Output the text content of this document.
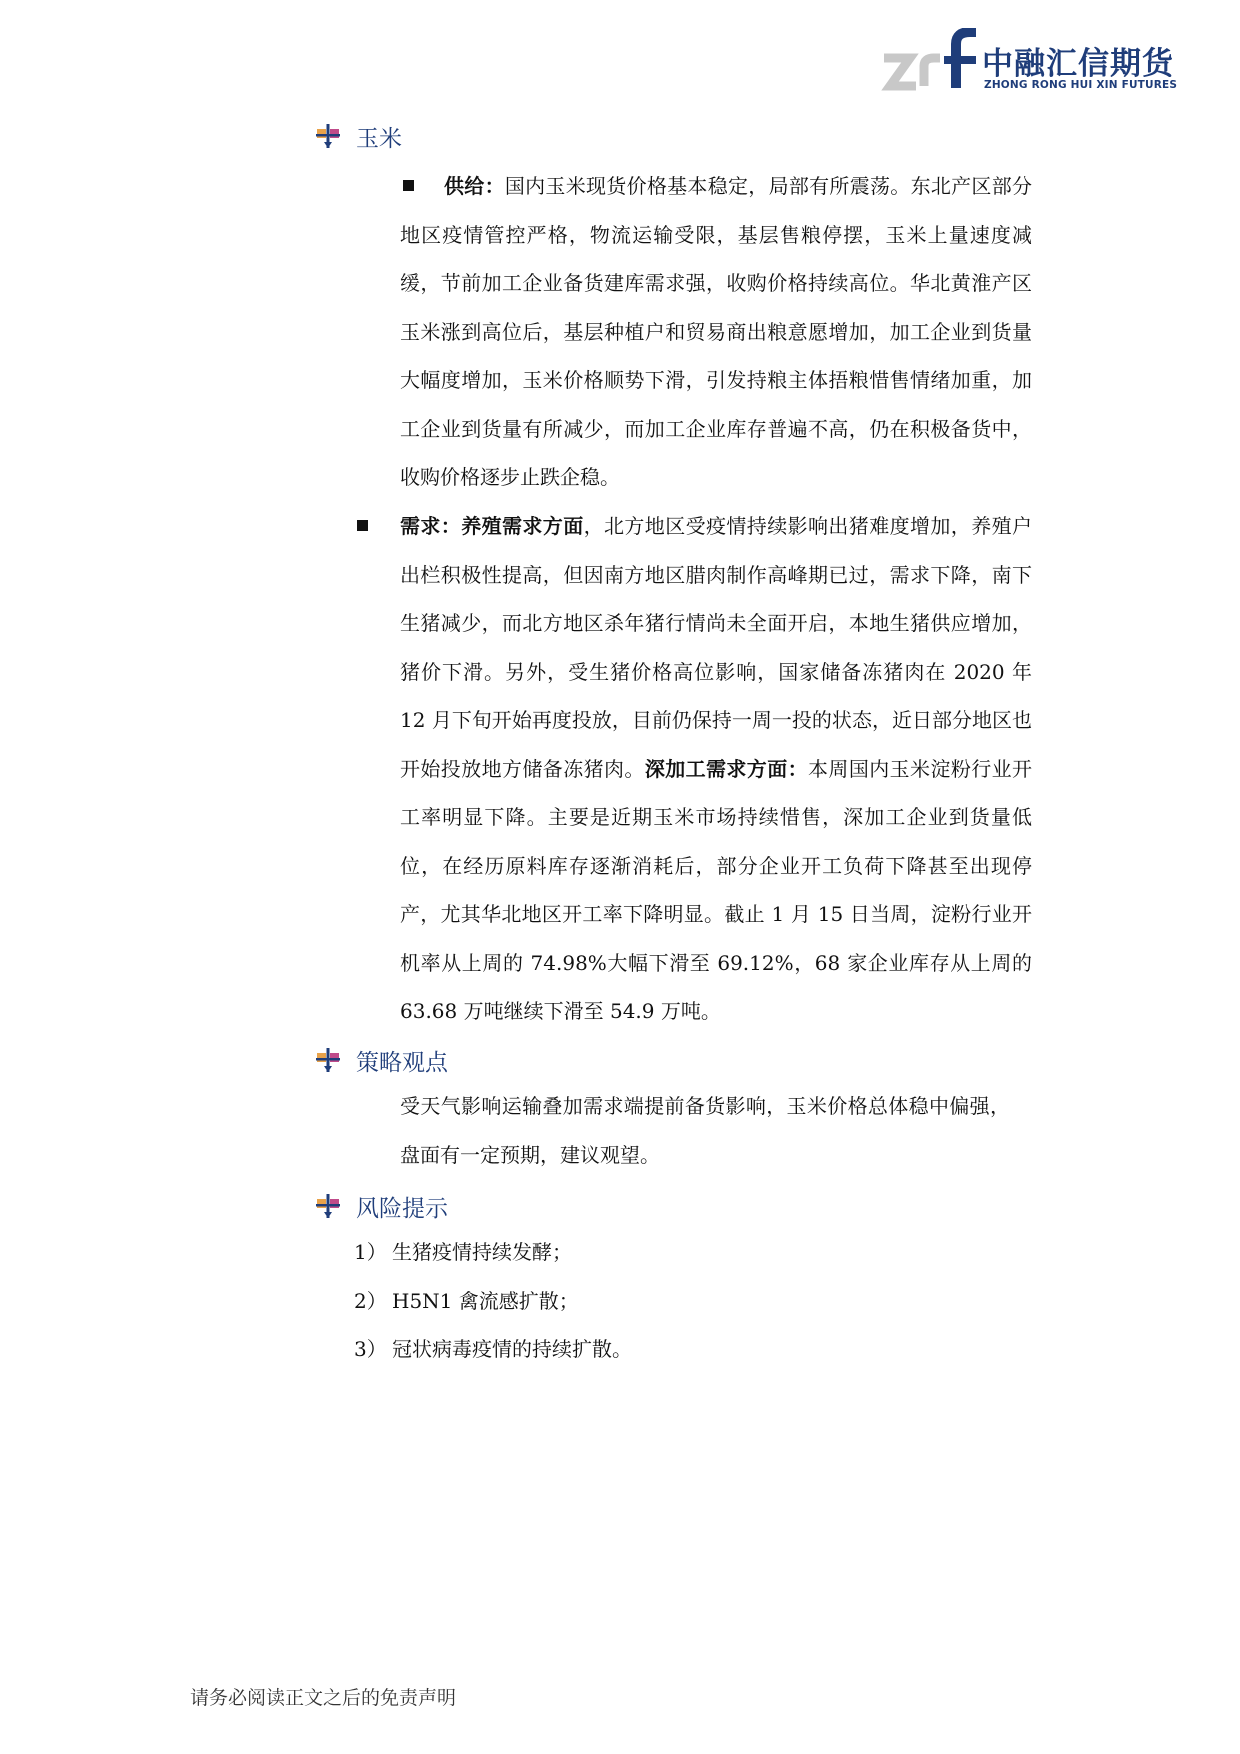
中融汇信期货
ZHONG RONG HUI XIN FUTURES
玉米

供给：国内玉米现货价格基本稳定，局部有所震荡。东北产区部分地区疫情管控严格，物流运输受限，基层售粮停摆，玉米上量速度减缓，节前加工企业备货建库需求强，收购价格持续高位。华北黄淮产区玉米涨到高位后，基层种植户和贸易商出粮意愿增加，加工企业到货量大幅度增加，玉米价格顺势下滑，引发持粮主体捂粮惜售情绪加重，加工企业到货量有所减少，而加工企业库存普遍不高，仍在积极备货中，收购价格逐步止跌企稳。

需求：养殖需求方面，北方地区受疫情持续影响出猪难度增加，养殖户出栏积极性提高，但因南方地区腊肉制作高峰期已过，需求下降，南下生猪减少，而北方地区杀年猪行情尚未全面开启，本地生猪供应增加，猪价下滑。另外，受生猪价格高位影响，国家储备冻猪肉在 2020 年 12 月下旬开始再度投放，目前仍保持一周一投的状态，近日部分地区也开始投放地方储备冻猪肉。深加工需求方面：本周国内玉米淀粉行业开工率明显下降。主要是近期玉米市场持续惜售，深加工企业到货量低位，在经历原料库存逐渐消耗后，部分企业开工负荷下降甚至出现停产，尤其华北地区开工率下降明显。截止 1 月 15 日当周，淀粉行业开机率从上周的 74.98%大幅下滑至 69.12%，68 家企业库存从上周的 63.68 万吨继续下滑至 54.9 万吨。

策略观点

受天气影响运输叠加需求端提前备货影响，玉米价格总体稳中偏强，盘面有一定预期，建议观望。

风险提示
1） 生猪疫情持续发酵；
2） H5N1 禽流感扩散；
3） 冠状病毒疫情的持续扩散。
请务必阅读正文之后的免责声明
